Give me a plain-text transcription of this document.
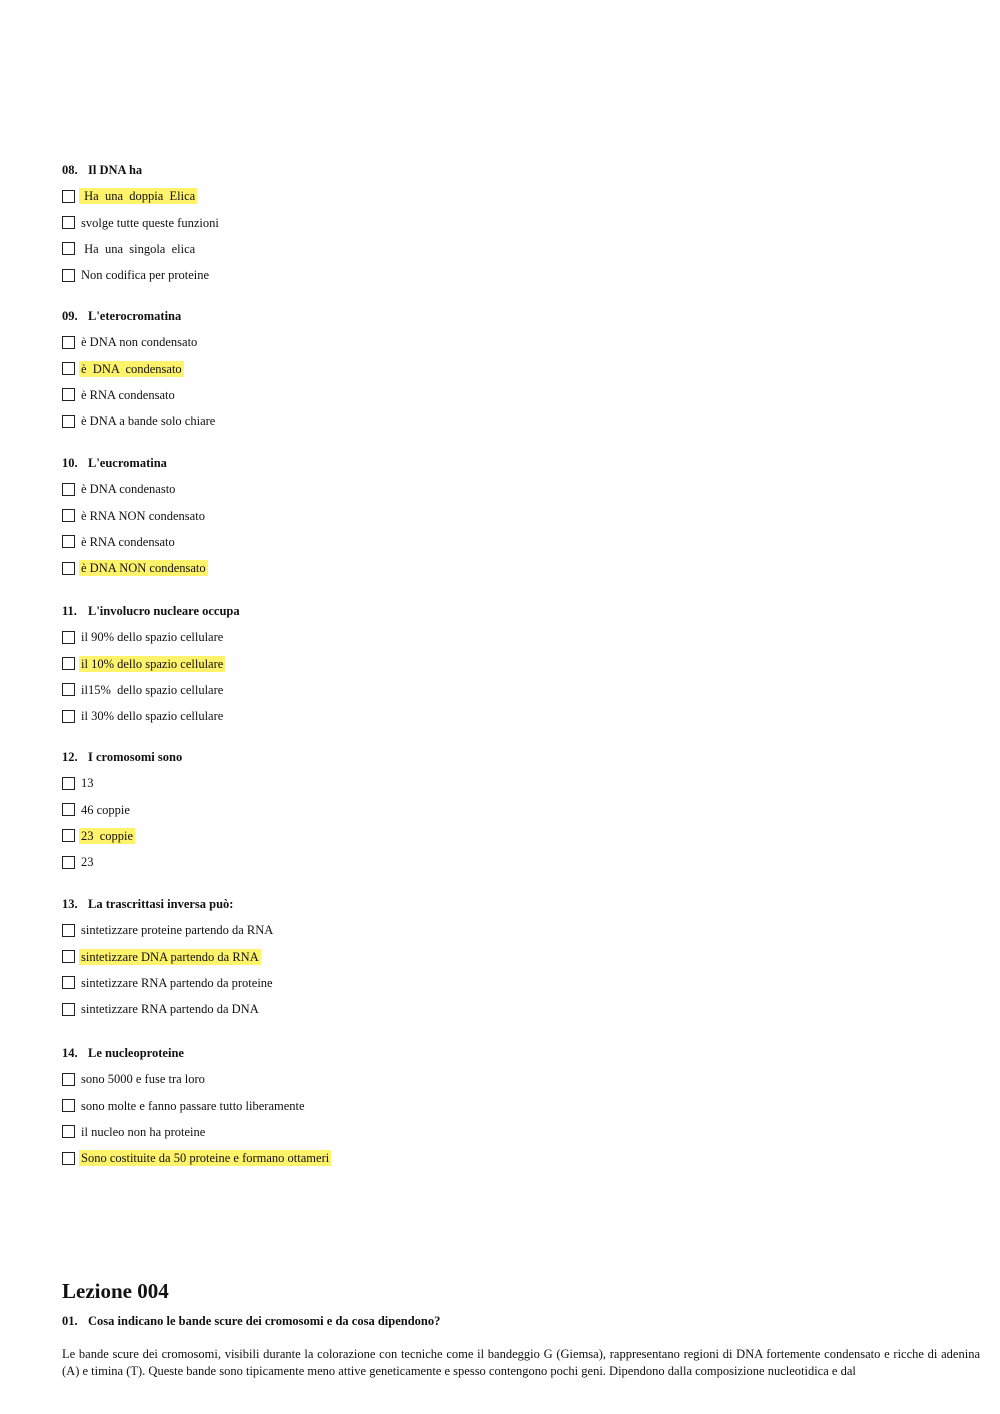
08. Il DNA ha

Ha  una  doppia  Elica
svolge tutte queste funzioni
Ha  una  singola  elica
Non codifica per proteine

09. L'eterocromatina

è DNA non condensato
è  DNA  condensato
è RNA condensato
è DNA a bande solo chiare

10. L'eucromatina

è DNA condenasto
è RNA NON condensato
è RNA condensato
è DNA NON condensato

11. L'involucro nucleare occupa

il 90% dello spazio cellulare
il 10% dello spazio cellulare
il15%  dello spazio cellulare
il 30% dello spazio cellulare

12. I cromosomi sono

13
46 coppie
23  coppie
23

13. La trascrittasi inversa può:

sintetizzare proteine partendo da RNA
sintetizzare DNA partendo da RNA
sintetizzare RNA partendo da proteine
sintetizzare RNA partendo da DNA

14. Le nucleoproteine

sono 5000 e fuse tra loro
sono molte e fanno passare tutto liberamente
il nucleo non ha proteine
Sono costituite da 50 proteine e formano ottameri
Lezione 004

01. Cosa indicano le bande scure dei cromosomi e da cosa dipendono?

Le bande scure dei cromosomi, visibili durante la colorazione con tecniche come il bandeggio G (Giemsa), rappresentano regioni di DNA fortemente condensato e ricche di adenina (A) e timina (T). Queste bande sono tipicamente meno attive geneticamente e spesso contengono pochi geni. Dipendono dalla composizione nucleotidica e dal
